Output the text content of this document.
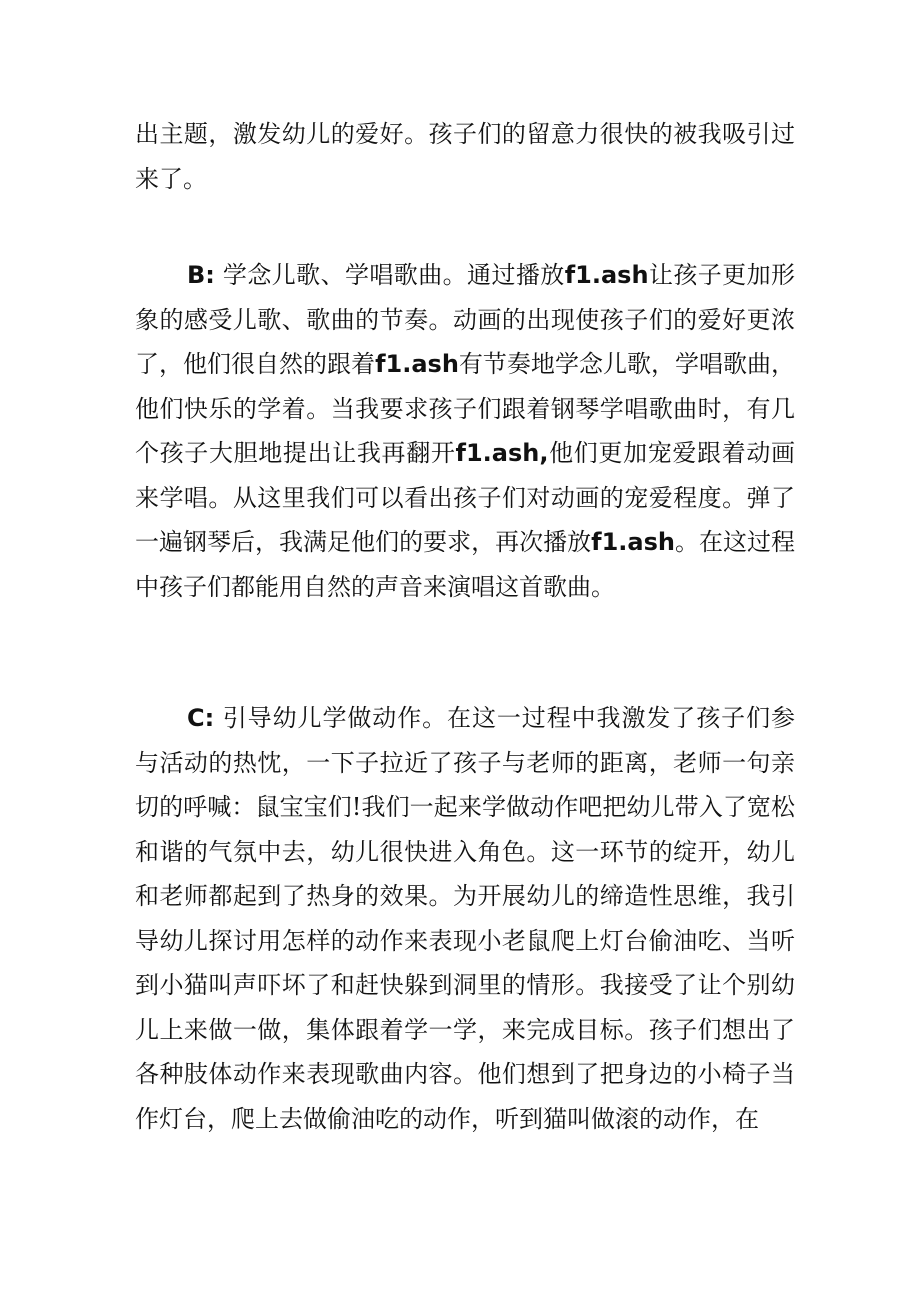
出主题，激发幼儿的爱好。孩子们的留意力很快的被我吸引过来了。

B: 学念儿歌、学唱歌曲。通过播放f1.ash让孩子更加形象的感受儿歌、歌曲的节奏。动画的出现使孩子们的爱好更浓了，他们很自然的跟着f1.ash有节奏地学念儿歌，学唱歌曲，他们快乐的学着。当我要求孩子们跟着钢琴学唱歌曲时，有几个孩子大胆地提出让我再翻开f1.ash,他们更加宠爱跟着动画来学唱。从这里我们可以看出孩子们对动画的宠爱程度。弹了一遍钢琴后，我满足他们的要求，再次播放f1.ash。在这过程中孩子们都能用自然的声音来演唱这首歌曲。

C: 引导幼儿学做动作。在这一过程中我激发了孩子们参与活动的热忱，一下子拉近了孩子与老师的距离，老师一句亲切的呼喊：鼠宝宝们!我们一起来学做动作吧把幼儿带入了宽松和谐的气氛中去，幼儿很快进入角色。这一环节的绽开，幼儿和老师都起到了热身的效果。为开展幼儿的缔造性思维，我引导幼儿探讨用怎样的动作来表现小老鼠爬上灯台偷油吃、当听到小猫叫声吓坏了和赶快躲到洞里的情形。我接受了让个别幼儿上来做一做，集体跟着学一学，来完成目标。孩子们想出了各种肢体动作来表现歌曲内容。他们想到了把身边的小椅子当作灯台，爬上去做偷油吃的动作，听到猫叫做滚的动作，在
